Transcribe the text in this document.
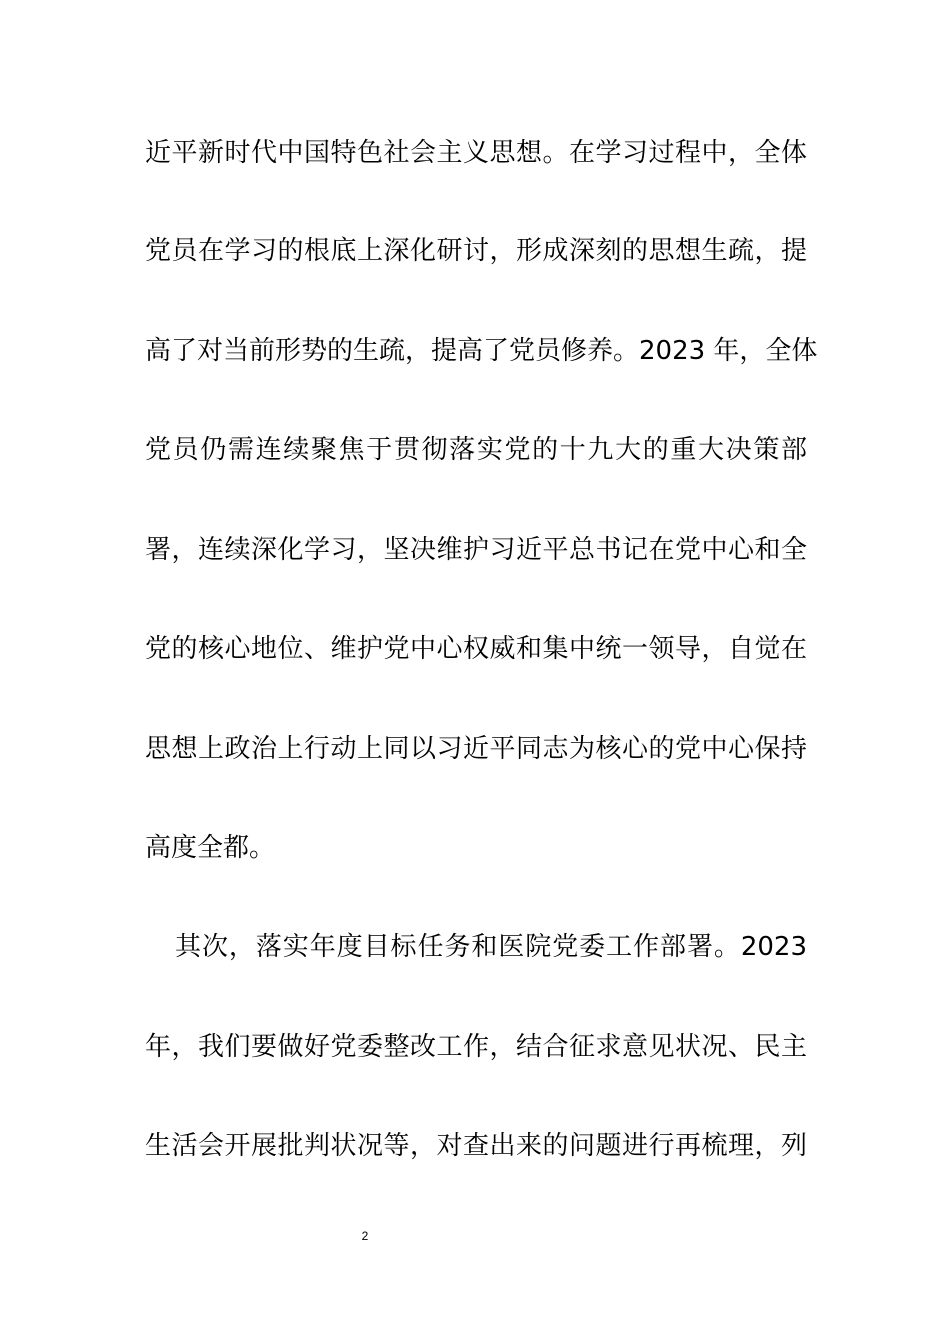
近平新时代中国特色社会主义思想。在学习过程中，全体
党员在学习的根底上深化研讨，形成深刻的思想生疏，提
高了对当前形势的生疏，提高了党员修养。2023 年，全体
党员仍需连续聚焦于贯彻落实党的十九大的重大决策部
署，连续深化学习，坚决维护习近平总书记在党中心和全
党的核心地位、维护党中心权威和集中统一领导，自觉在
思想上政治上行动上同以习近平同志为核心的党中心保持
高度全都。
其次，落实年度目标任务和医院党委工作部署。2023
年，我们要做好党委整改工作，结合征求意见状况、民主
生活会开展批判状况等，对查出来的问题进行再梳理，列
2
